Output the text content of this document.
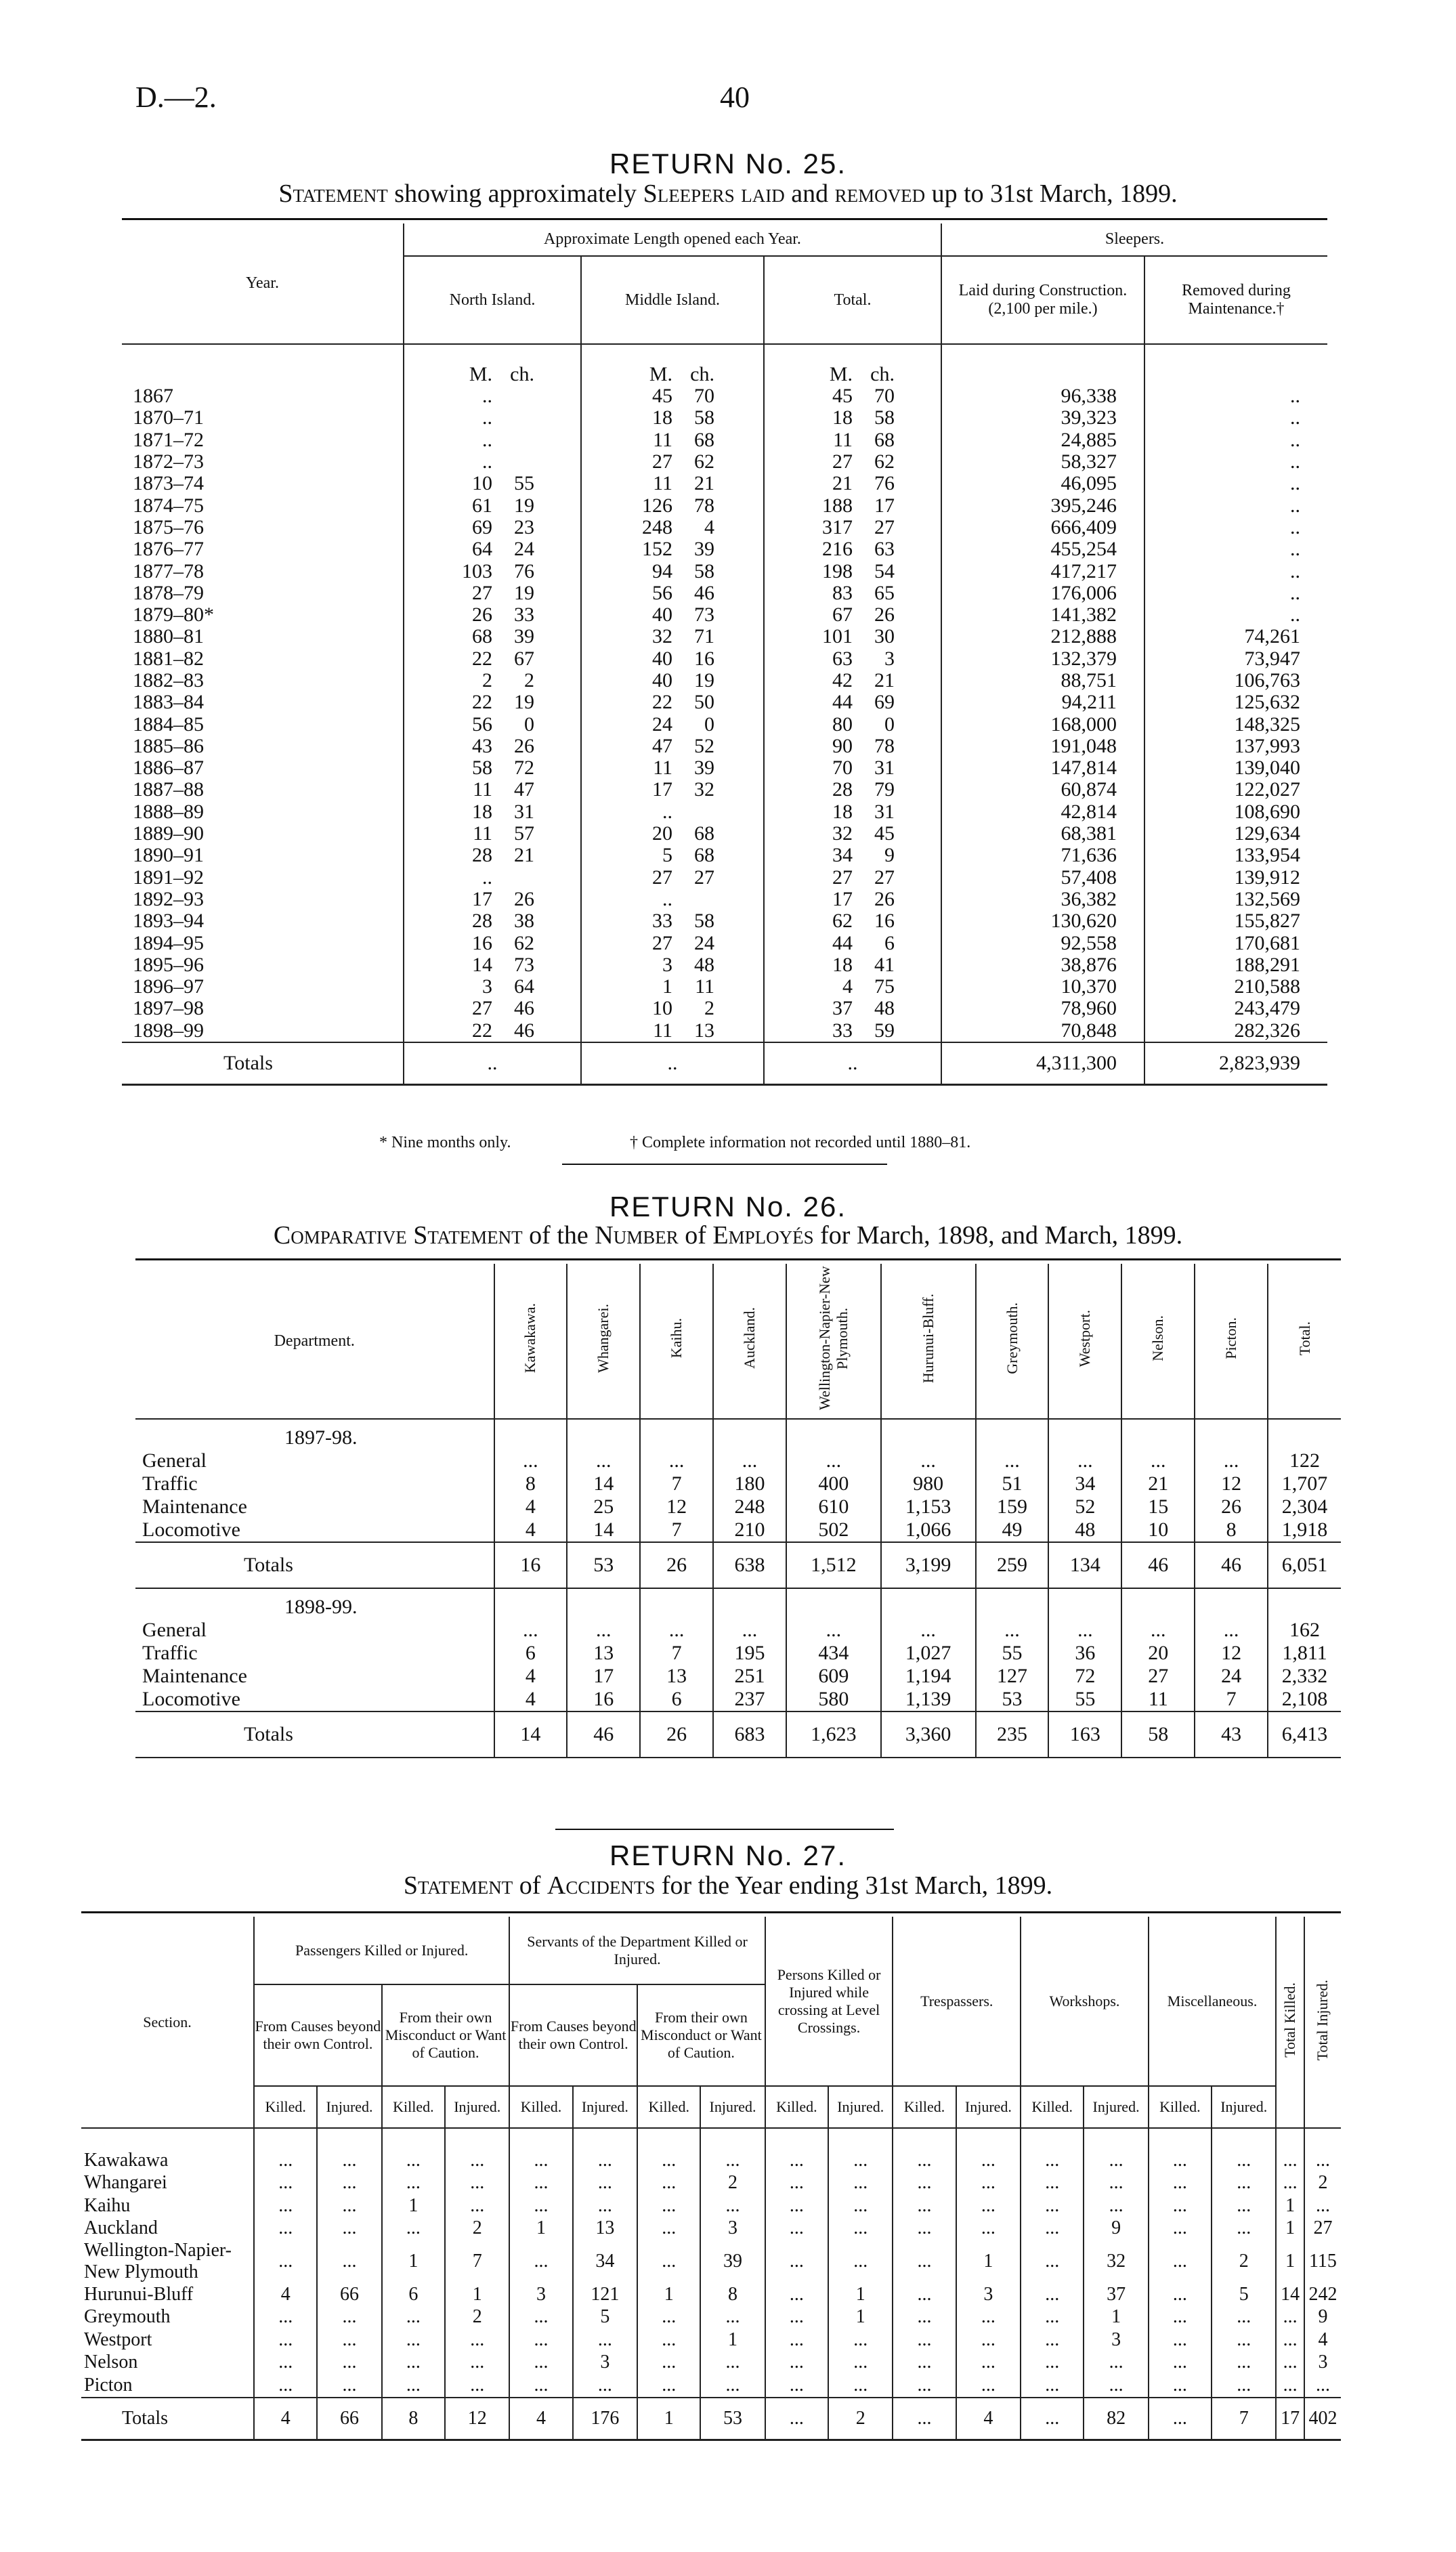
D.—2.	40
RETURN No. 25.
Statement showing approximately Sleepers laid and removed up to 31st March, 1899.
Year.	Approximate Length opened each Year.			Sleepers.	
	North Island.	Middle Island.	Total.	Laid during Construction. (2,100 per mile.)	Removed during Maintenance.†
	M. ch.	M. ch.	M. ch.		
1867	..	45 70	45 70	96,338	..
1870–71	..	18 58	18 58	39,323	..
1871–72	..	11 68	11 68	24,885	..
1872–73	..	27 62	27 62	58,327	..
1873–74	10 55	11 21	21 76	46,095	..
1874–75	61 19	126 78	188 17	395,246	..
1875–76	69 23	248 4	317 27	666,409	..
1876–77	64 24	152 39	216 63	455,254	..
1877–78	103 76	94 58	198 54	417,217	..
1878–79	27 19	56 46	83 65	176,006	..
1879–80*	26 33	40 73	67 26	141,382	..
1880–81	68 39	32 71	101 30	212,888	74,261
1881–82	22 67	40 16	63 3	132,379	73,947
1882–83	2 2	40 19	42 21	88,751	106,763
1883–84	22 19	22 50	44 69	94,211	125,632
1884–85	56 0	24 0	80 0	168,000	148,325
1885–86	43 26	47 52	90 78	191,048	137,993
1886–87	58 72	11 39	70 31	147,814	139,040
1887–88	11 47	17 32	28 79	60,874	122,027
1888–89	18 31	..	18 31	42,814	108,690
1889–90	11 57	20 68	32 45	68,381	129,634
1890–91	28 21	5 68	34 9	71,636	133,954
1891–92	..	27 27	27 27	57,408	139,912
1892–93	17 26	..	17 26	36,382	132,569
1893–94	28 38	33 58	62 16	130,620	155,827
1894–95	16 62	27 24	44 6	92,558	170,681
1895–96	14 73	3 48	18 41	38,876	188,291
1896–97	3 64	1 11	4 75	10,370	210,588
1897–98	27 46	10 2	37 48	78,960	243,479
1898–99	22 46	11 13	33 59	70,848	282,326
Totals	..	..	..	4,311,300	2,823,939
* Nine months only.	† Complete information not recorded until 1880–81.
RETURN No. 26.
Comparative Statement of the Number of Employés for March, 1898, and March, 1899.
Department.	Kawakawa.	Whangarei.	Kaihu.	Auckland.	Wellington-Napier-New Plymouth.	Hurunui-Bluff.	Greymouth.	Westport.	Nelson.	Picton.	Total.
1897-98.											
General	...	...	...	...	...	...	...	...	...	...	122
Traffic	8	14	7	180	400	980	51	34	21	12	1,707
Maintenance	4	25	12	248	610	1,153	159	52	15	26	2,304
Locomotive	4	14	7	210	502	1,066	49	48	10	8	1,918
Totals	16	53	26	638	1,512	3,199	259	134	46	46	6,051
1898-99.											
General	...	...	...	...	...	...	...	...	...	...	162
Traffic	6	13	7	195	434	1,027	55	36	20	12	1,811
Maintenance	4	17	13	251	609	1,194	127	72	27	24	2,332
Locomotive	4	16	6	237	580	1,139	53	55	11	7	2,108
Totals	14	46	26	683	1,623	3,360	235	163	58	43	6,413
RETURN No. 27.
Statement of Accidents for the Year ending 31st March, 1899.
Section.	Passengers Killed or Injured.				Servants of the Department Killed or Injured.				Persons Killed or Injured while crossing at Level Crossings.		Trespassers.		Workshops.		Miscellaneous.		Total Killed.	Total Injured.
	From Causes beyond their own Control.		From their own Misconduct or Want of Caution.		From Causes beyond their own Control.		From their own Misconduct or Want of Caution.											
	Killed.	Injured.	Killed.	Injured.	Killed.	Injured.	Killed.	Injured.	Killed.	Injured.	Killed.	Injured.	Killed.	Injured.	Killed.	Injured.		

Kawakawa	...	...	...	...	...	...	...	...	...	...	...	...	...	...	...	...	...	...
Whangarei	...	...	...	...	...	...	...	2	...	...	...	...	...	...	...	...	...	2
Kaihu	...	...	1	...	...	...	...	...	...	...	...	...	...	...	...	...	1	...
Auckland	...	...	...	2	1	13	...	3	...	...	...	...	...	9	...	...	1	27
Wellington-Napier-New Plymouth	...	...	1	7	...	34	...	39	...	...	...	1	...	32	...	2	1	115
Hurunui-Bluff	4	66	6	1	3	121	1	8	...	1	...	3	...	37	...	5	14	242
Greymouth	...	...	...	2	...	5	...	...	...	1	...	...	...	1	...	...	...	9
Westport	...	...	...	...	...	...	...	1	...	...	...	...	...	3	...	...	...	4
Nelson	...	...	...	...	...	3	...	...	...	...	...	...	...	...	...	...	...	3
Picton	...	...	...	...	...	...	...	...	...	...	...	...	...	...	...	...	...	...
Totals	4	66	8	12	4	176	1	53	...	2	...	4	...	82	...	7	17	402
